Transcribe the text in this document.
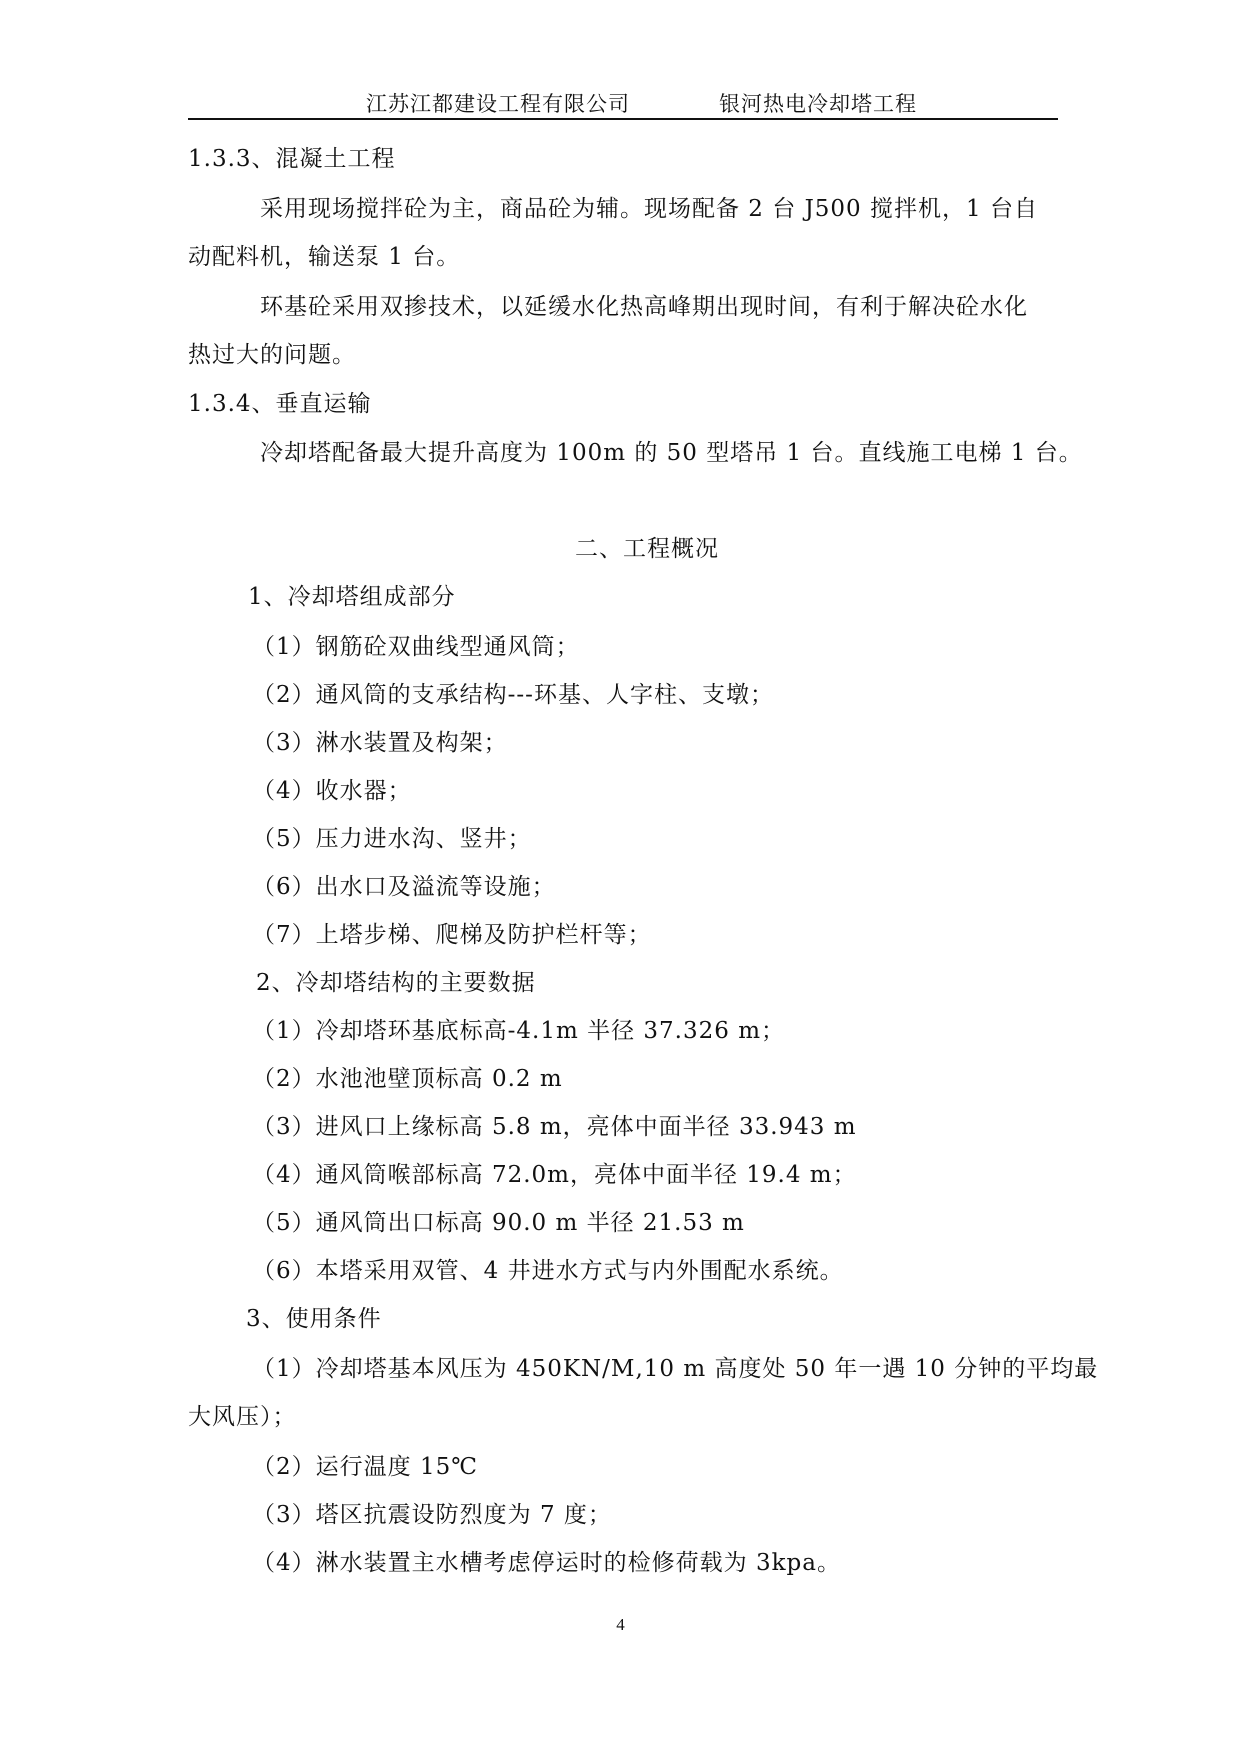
江苏江都建设工程有限公司	银河热电冷却塔工程
1.3.3、混凝土工程
采用现场搅拌砼为主，商品砼为辅。现场配备 2 台 J500 搅拌机，1 台自
动配料机，输送泵 1 台。
环基砼采用双掺技术，以延缓水化热高峰期出现时间，有利于解决砼水化
热过大的问题。
1.3.4、垂直运输
冷却塔配备最大提升高度为 100m 的 50 型塔吊 1 台。直线施工电梯 1 台。
二、工程概况
1、冷却塔组成部分
（1）钢筋砼双曲线型通风筒；
（2）通风筒的支承结构---环基、人字柱、支墩；
（3）淋水装置及构架；
（4）收水器；
（5）压力进水沟、竖井；
（6）出水口及溢流等设施；
（7）上塔步梯、爬梯及防护栏杆等；
2、冷却塔结构的主要数据
（1）冷却塔环基底标高-4.1m 半径 37.326 m；
（2）水池池壁顶标高 0.2 m
（3）进风口上缘标高 5.8 m，亮体中面半径 33.943 m
（4）通风筒喉部标高 72.0m，亮体中面半径 19.4 m；
（5）通风筒出口标高 90.0 m 半径 21.53 m
（6）本塔采用双管、4 井进水方式与内外围配水系统。
3、使用条件
（1）冷却塔基本风压为 450KN/M,10 m 高度处 50 年一遇 10 分钟的平均最
大风压）；
（2）运行温度 15℃
（3）塔区抗震设防烈度为 7 度；
（4）淋水装置主水槽考虑停运时的检修荷载为 3kpa。
4
